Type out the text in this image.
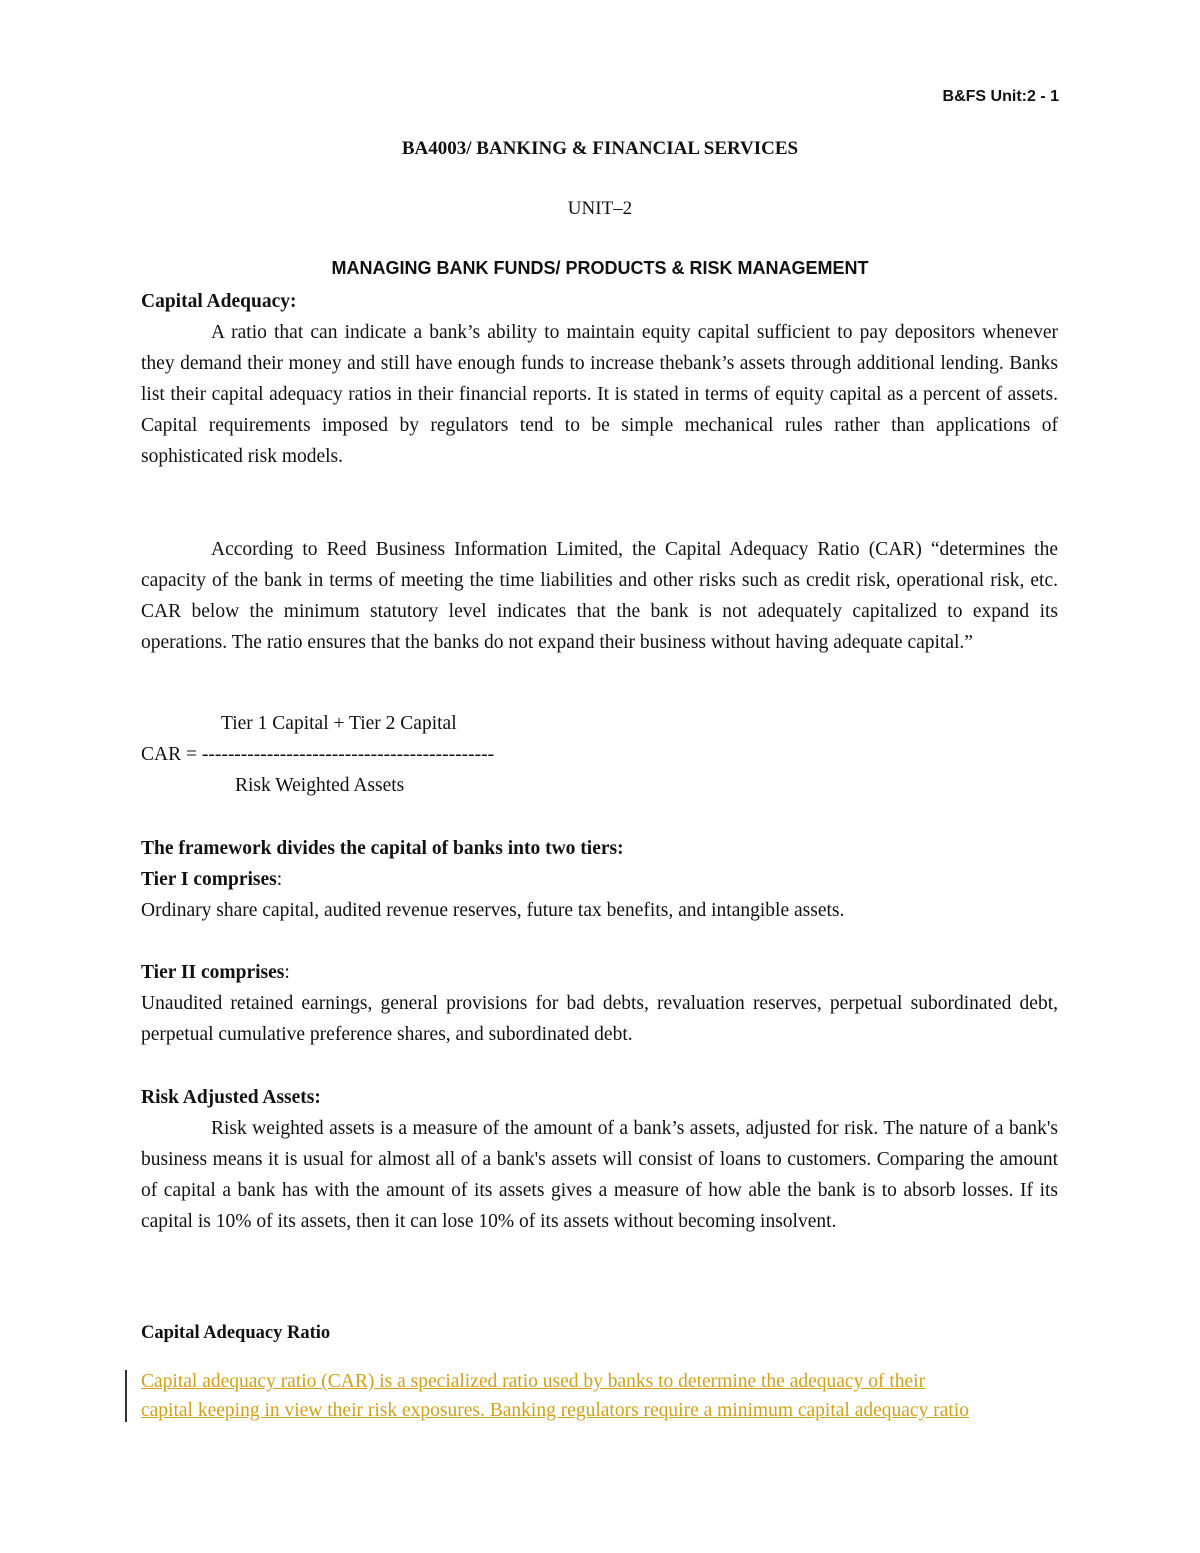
B&FS Unit:2 - 1
BA4003/ BANKING & FINANCIAL SERVICES
UNIT–2
MANAGING BANK FUNDS/ PRODUCTS & RISK MANAGEMENT
Capital Adequacy:
A ratio that can indicate a bank’s ability to maintain equity capital sufficient to pay depositors whenever they demand their money and still have enough funds to increase thebank’s assets through additional lending. Banks list their capital adequacy ratios in their financial reports. It is stated in terms of equity capital as a percent of assets. Capital requirements imposed by regulators tend to be simple mechanical rules rather than applications of sophisticated risk models.
According to Reed Business Information Limited, the Capital Adequacy Ratio (CAR) “determines the capacity of the bank in terms of meeting the time liabilities and other risks such as credit risk, operational risk, etc. CAR below the minimum statutory level indicates that the bank is not adequately capitalized to expand its operations. The ratio ensures that the banks do not expand their business without having adequate capital.”
Tier 1 Capital + Tier 2 Capital
CAR = ---------------------------------------------
Risk Weighted Assets
The framework divides the capital of banks into two tiers:
Tier I comprises:
Ordinary share capital, audited revenue reserves, future tax benefits, and intangible assets.
Tier II comprises:
Unaudited retained earnings, general provisions for bad debts, revaluation reserves, perpetual subordinated debt, perpetual cumulative preference shares, and subordinated debt.
Risk Adjusted Assets:
Risk weighted assets is a measure of the amount of a bank’s assets, adjusted for risk. The nature of a bank's business means it is usual for almost all of a bank's assets will consist of loans to customers. Comparing the amount of capital a bank has with the amount of its assets gives a measure of how able the bank is to absorb losses. If its capital is 10% of its assets, then it can lose 10% of its assets without becoming insolvent.
Capital Adequacy Ratio
Capital adequacy ratio (CAR) is a specialized ratio used by banks to determine the adequacy of their
capital keeping in view their risk exposures. Banking regulators require a minimum capital adequacy ratio
